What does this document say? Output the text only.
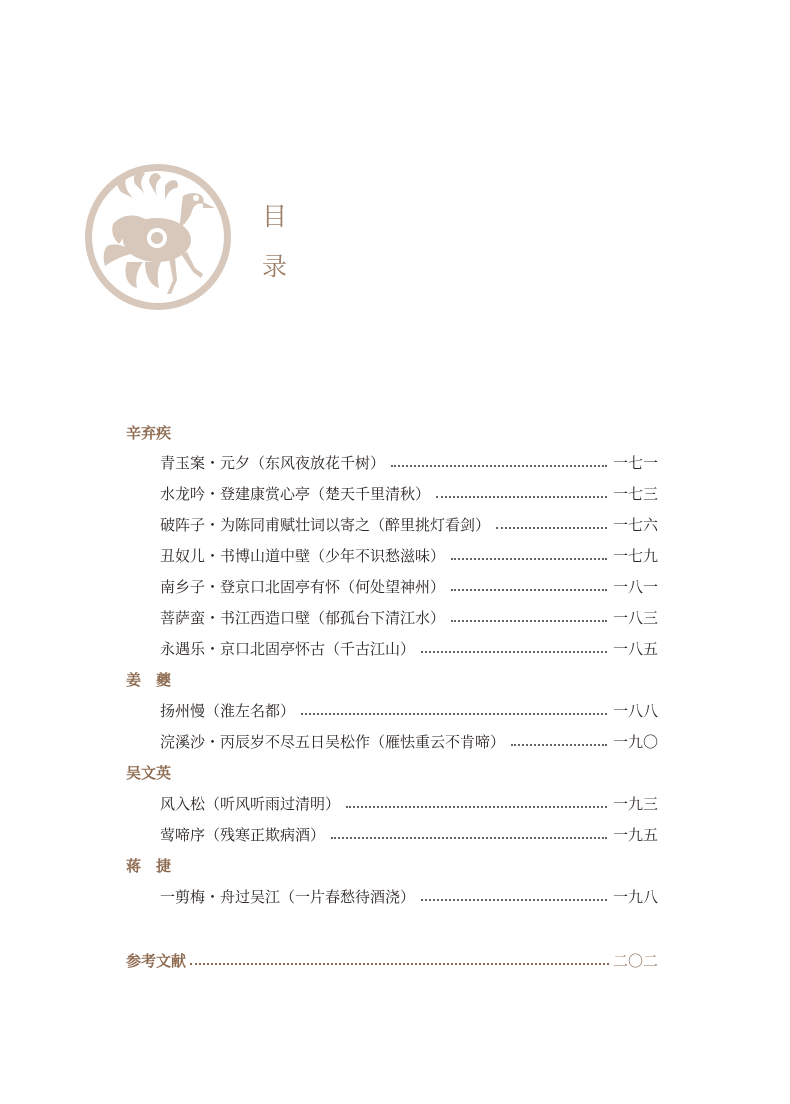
目
录
辛弃疾
青玉案・元夕（东风夜放花千树）	一七一
水龙吟・登建康赏心亭（楚天千里清秋）	一七三
破阵子・为陈同甫赋壮词以寄之（醉里挑灯看剑）	一七六
丑奴儿・书博山道中壁（少年不识愁滋味）	一七九
南乡子・登京口北固亭有怀（何处望神州）	一八一
菩萨蛮・书江西造口壁（郁孤台下清江水）	一八三
永遇乐・京口北固亭怀古（千古江山）	一八五
姜　夔
扬州慢（淮左名都）	一八八
浣溪沙・丙辰岁不尽五日吴松作（雁怯重云不肯啼）	一九〇
吴文英
风入松（听风听雨过清明）	一九三
莺啼序（残寒正欺病酒）	一九五
蒋　捷
一剪梅・舟过吴江（一片春愁待酒浇）	一九八
参考文献	二〇二
